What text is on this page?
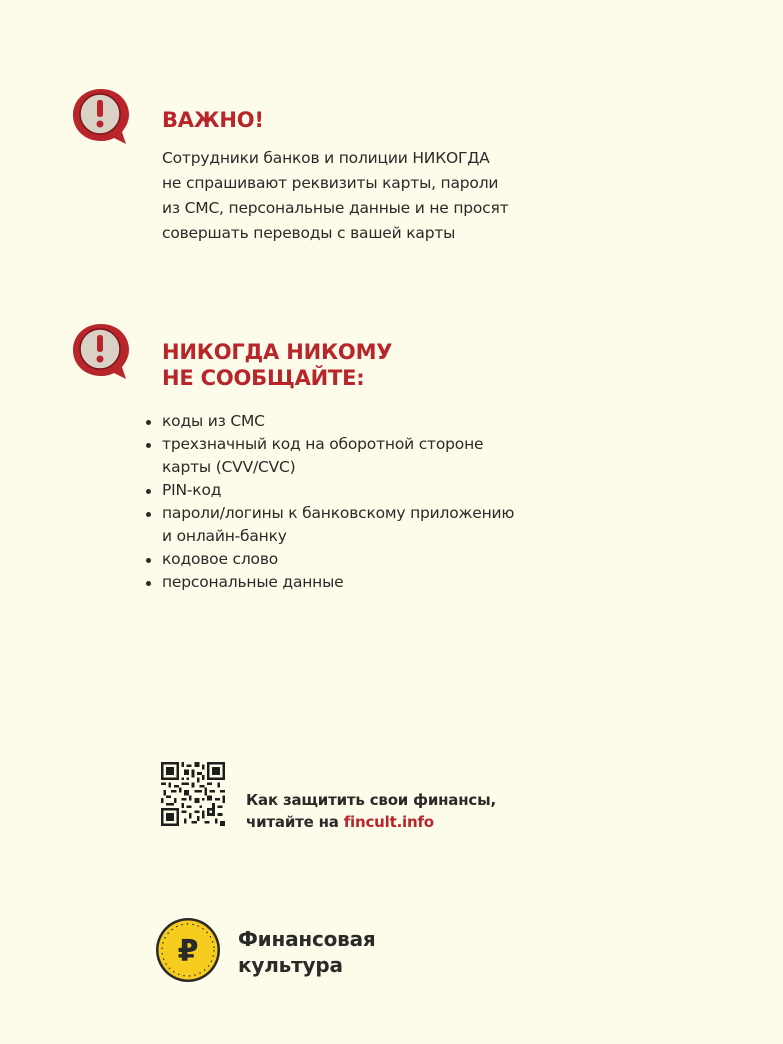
ВАЖНО!

Сотрудники банков и полиции НИКОГДА
не спрашивают реквизиты карты, пароли
из СМС, персональные данные и не просят
совершать переводы с вашей карты

НИКОГДА НИКОМУ
НЕ СООБЩАЙТЕ:
коды из СМС
трехзначный код на оборотной стороне
карты (CVV/CVC)
PIN-код
пароли/логины к банковскому приложению
и онлайн-банку
кодовое слово
персональные данные

Как защитить свои финансы,
читайте на fincult.info

₽ Финансовая
культура
